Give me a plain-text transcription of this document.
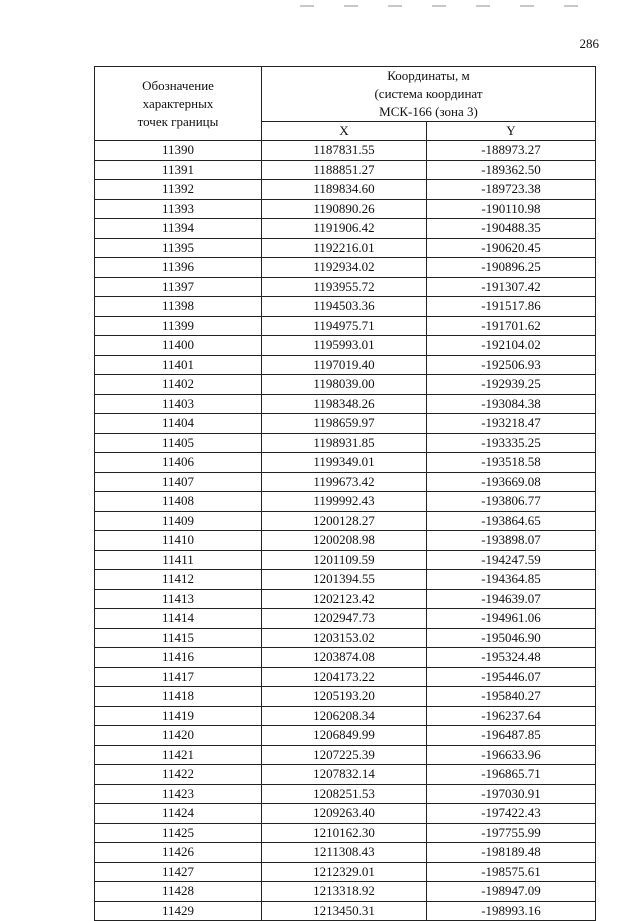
286
Обозначение
характерных
точек границы	Координаты, м
(система координат
МСК-166 (зона 3)	

	X	Y
11390	1187831.55	-188973.27
11391	1188851.27	-189362.50
11392	1189834.60	-189723.38
11393	1190890.26	-190110.98
11394	1191906.42	-190488.35
11395	1192216.01	-190620.45
11396	1192934.02	-190896.25
11397	1193955.72	-191307.42
11398	1194503.36	-191517.86
11399	1194975.71	-191701.62
11400	1195993.01	-192104.02
11401	1197019.40	-192506.93
11402	1198039.00	-192939.25
11403	1198348.26	-193084.38
11404	1198659.97	-193218.47
11405	1198931.85	-193335.25
11406	1199349.01	-193518.58
11407	1199673.42	-193669.08
11408	1199992.43	-193806.77
11409	1200128.27	-193864.65
11410	1200208.98	-193898.07
11411	1201109.59	-194247.59
11412	1201394.55	-194364.85
11413	1202123.42	-194639.07
11414	1202947.73	-194961.06
11415	1203153.02	-195046.90
11416	1203874.08	-195324.48
11417	1204173.22	-195446.07
11418	1205193.20	-195840.27
11419	1206208.34	-196237.64
11420	1206849.99	-196487.85
11421	1207225.39	-196633.96
11422	1207832.14	-196865.71
11423	1208251.53	-197030.91
11424	1209263.40	-197422.43
11425	1210162.30	-197755.99
11426	1211308.43	-198189.48
11427	1212329.01	-198575.61
11428	1213318.92	-198947.09
11429	1213450.31	-198993.16
